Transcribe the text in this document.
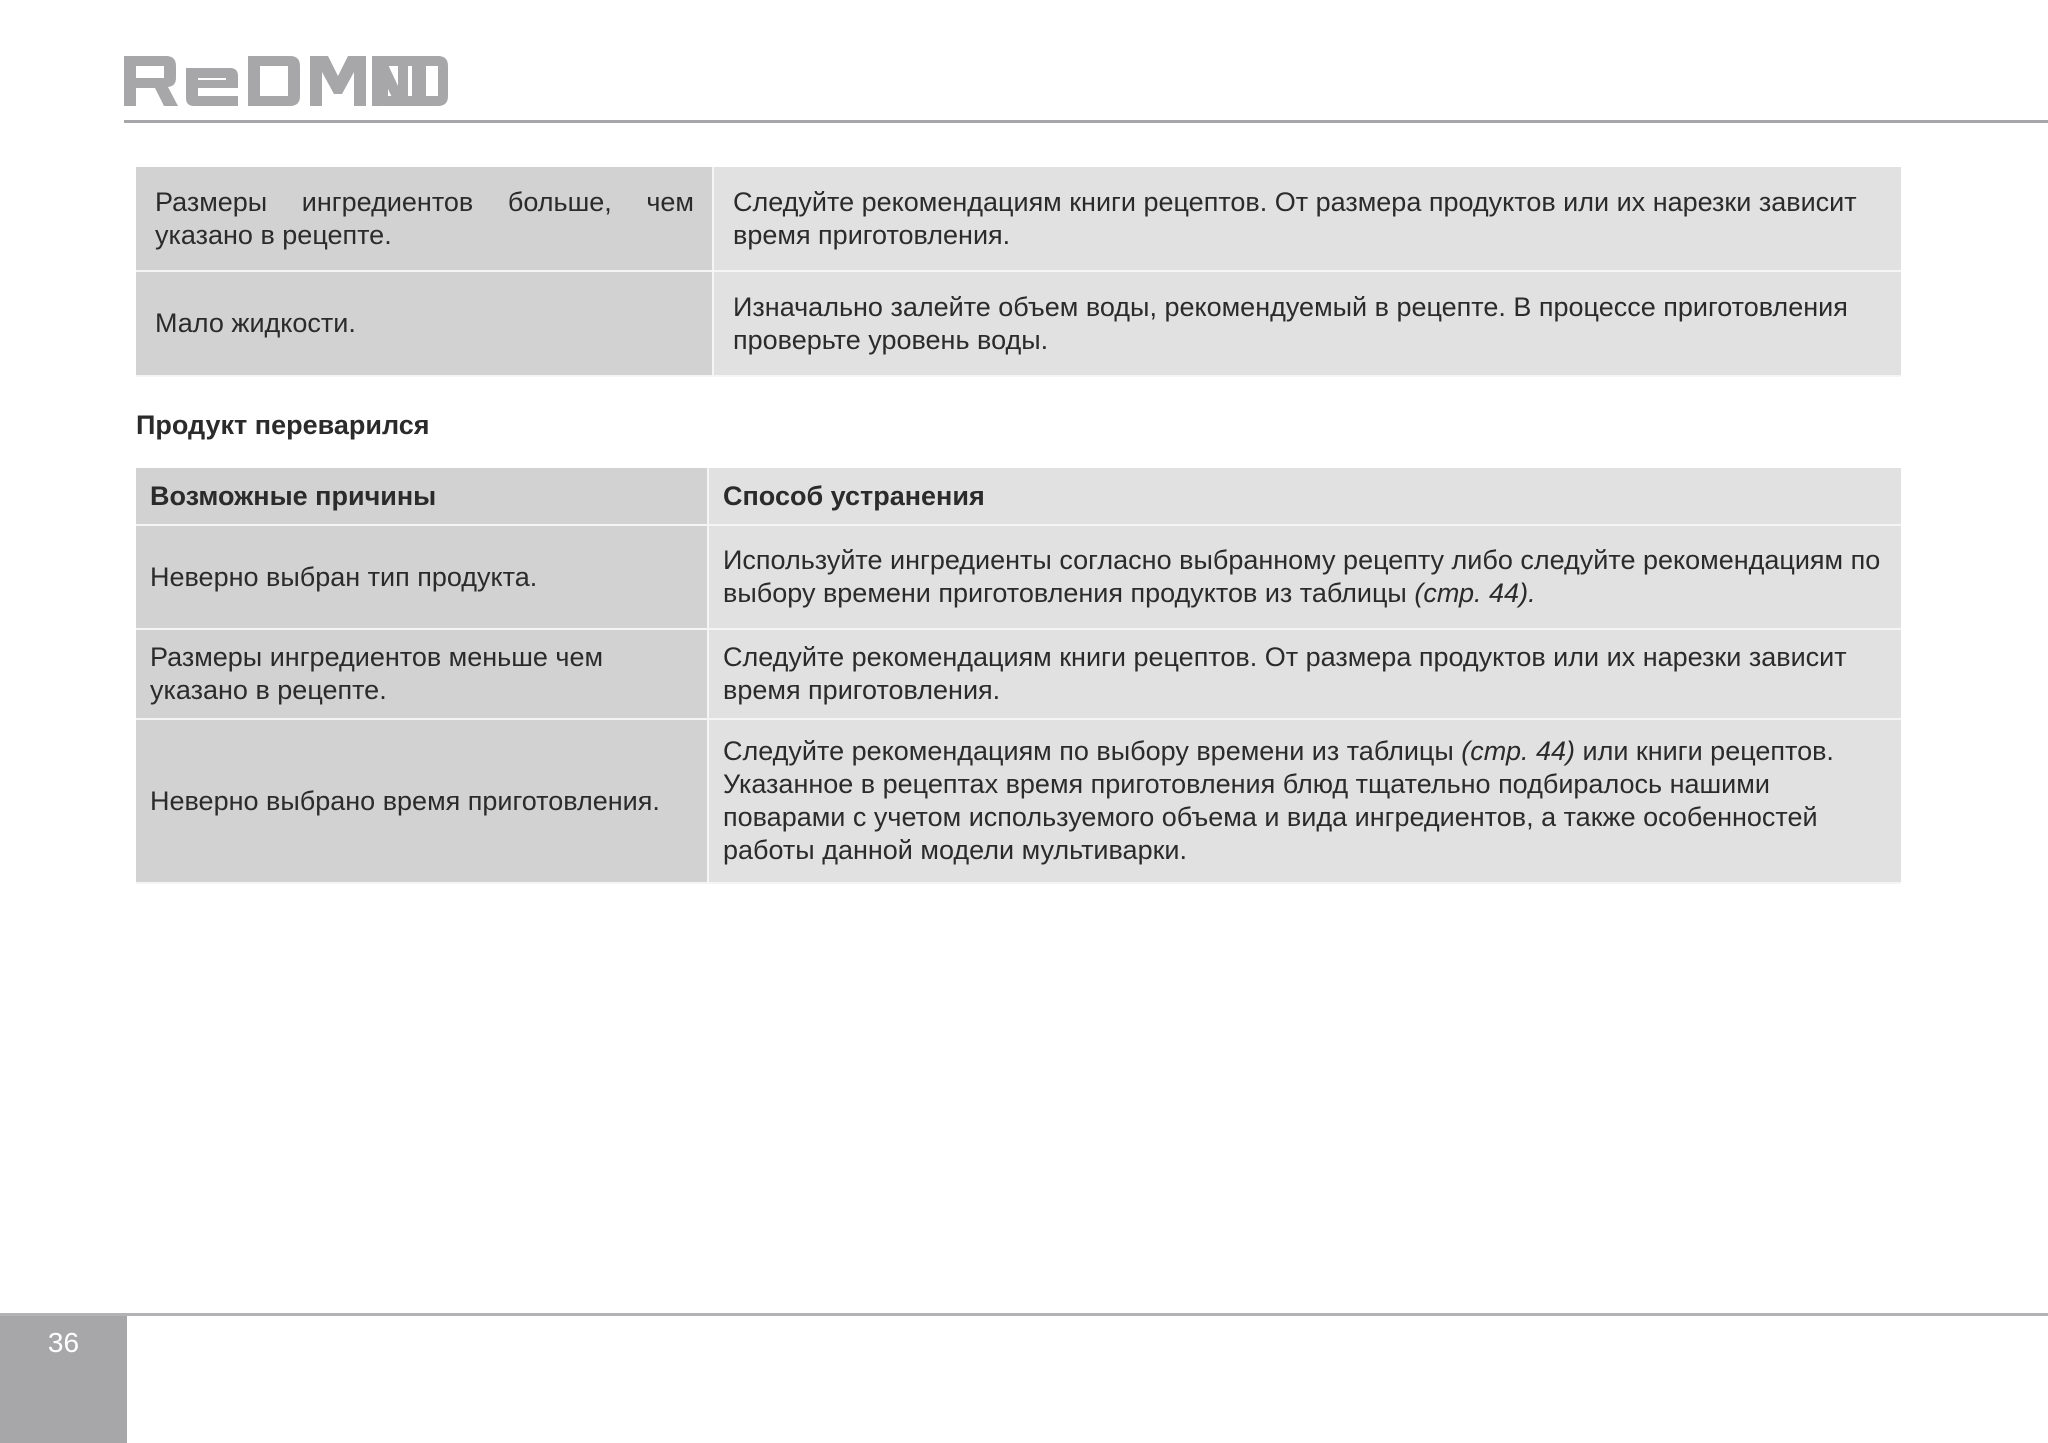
Размеры ингредиентов больше, чем указано в рецепте.	Следуйте рекомендациям книги рецептов. От размера продуктов или их нарезки зависит время приготовления.
Мало жидкости.	Изначально залейте объем воды, рекомендуемый в рецепте. В процессе приготовления проверьте уровень воды.
Продукт переварился
Возможные причины	Способ устранения
Неверно выбран тип продукта.	Используйте ингредиенты согласно выбранному рецепту либо следуйте рекомендациям по выбору времени приготовления продуктов из таблицы (стр. 44).
Размеры ингредиентов меньше чем указано в рецепте.	Следуйте рекомендациям книги рецептов. От размера продуктов или их нарезки зависит время приготовления.
Неверно выбрано время приготовления.	Следуйте рекомендациям по выбору времени из таблицы (стр. 44) или книги рецептов. Указанное в рецептах время приготовления блюд тщательно подбиралось нашими поварами с учетом используемого объема и вида ингредиентов, а также особенностей работы данной модели мультиварки.
36
